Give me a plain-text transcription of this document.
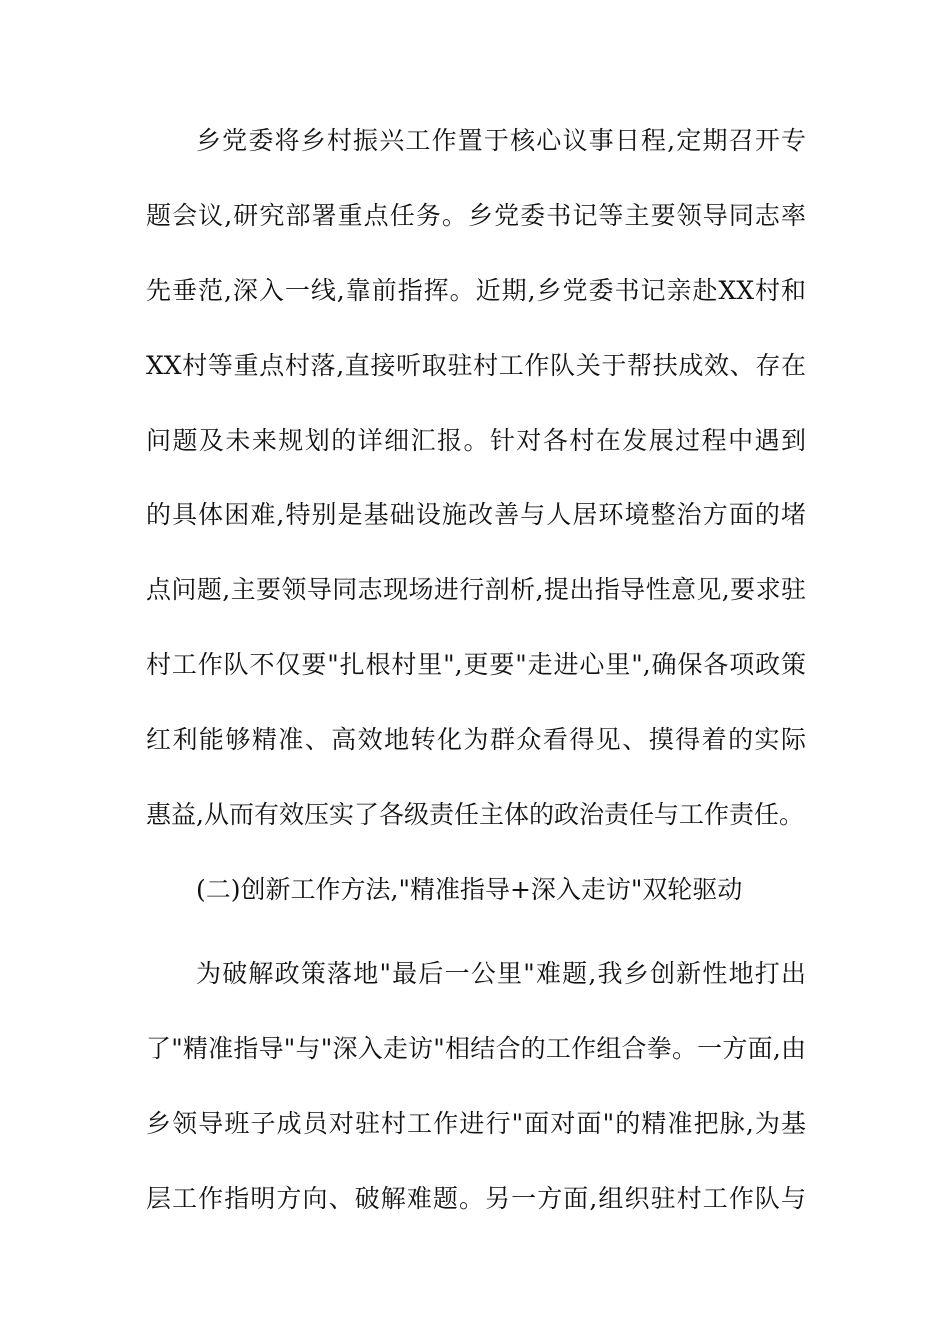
乡党委将乡村振兴工作置于核心议事日程,定期召开专
题会议,研究部署重点任务。乡党委书记等主要领导同志率
先垂范,深入一线,靠前指挥。近期,乡党委书记亲赴XX村和
XX村等重点村落,直接听取驻村工作队关于帮扶成效、存在
问题及未来规划的详细汇报。针对各村在发展过程中遇到
的具体困难,特别是基础设施改善与人居环境整治方面的堵
点问题,主要领导同志现场进行剖析,提出指导性意见,要求驻
村工作队不仅要"扎根村里",更要"走进心里",确保各项政策
红利能够精准、高效地转化为群众看得见、摸得着的实际
惠益,从而有效压实了各级责任主体的政治责任与工作责任。
(二)创新工作方法,"精准指导+深入走访"双轮驱动
为破解政策落地"最后一公里"难题,我乡创新性地打出
了"精准指导"与"深入走访"相结合的工作组合拳。一方面,由
乡领导班子成员对驻村工作进行"面对面"的精准把脉,为基
层工作指明方向、破解难题。另一方面,组织驻村工作队与
